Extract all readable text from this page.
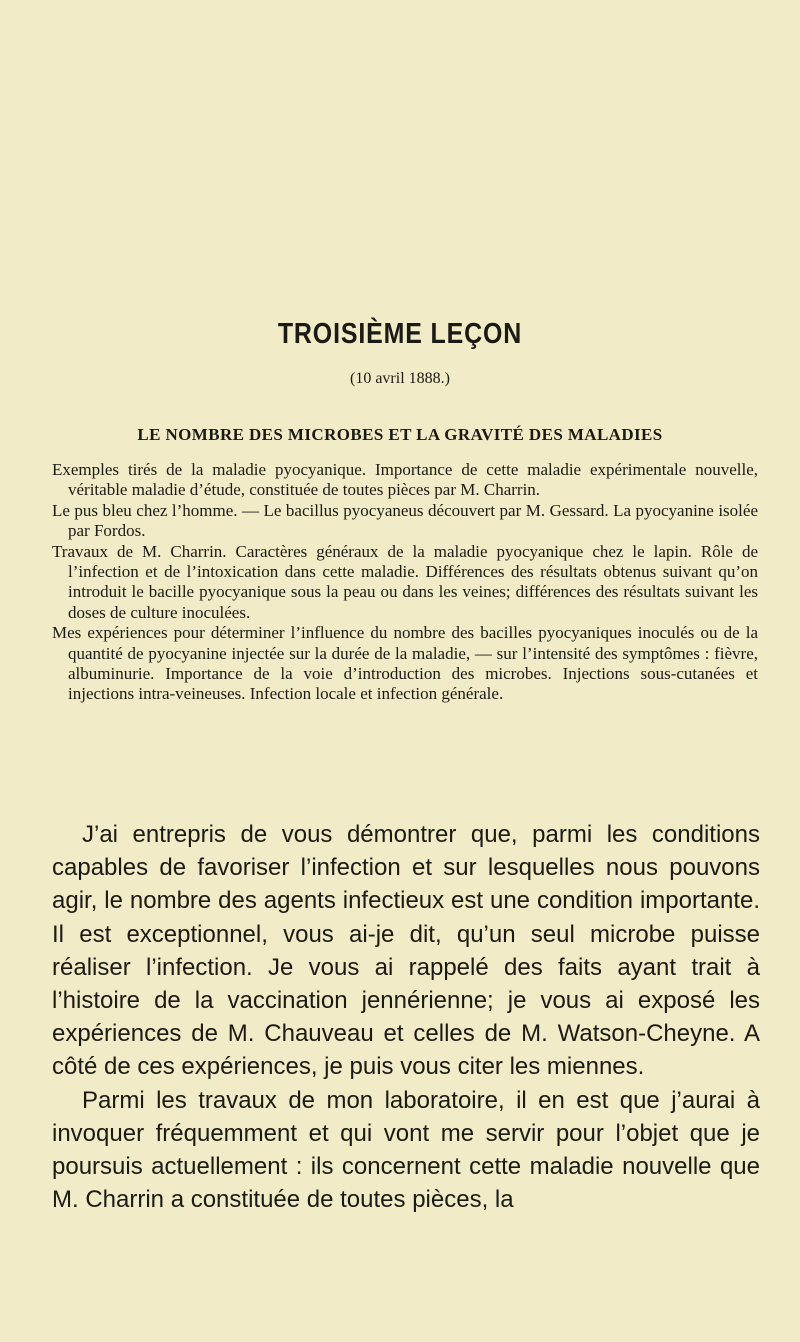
TROISIÈME LEÇON
(10 avril 1888.)
LE NOMBRE DES MICROBES ET LA GRAVITÉ DES MALADIES

Exemples tirés de la maladie pyocyanique. Importance de cette maladie expérimentale nouvelle, véritable maladie d’étude, constituée de toutes pièces par M. Charrin.

Le pus bleu chez l’homme. — Le bacillus pyocyaneus découvert par M. Gessard. La pyocyanine isolée par Fordos.

Travaux de M. Charrin. Caractères généraux de la maladie pyocyanique chez le lapin. Rôle de l’infection et de l’intoxication dans cette maladie. Différences des résultats obtenus suivant qu’on introduit le bacille pyocyanique sous la peau ou dans les veines; différences des résultats suivant les doses de culture inoculées.

Mes expériences pour déterminer l’influence du nombre des bacilles pyocyaniques inoculés ou de la quantité de pyocyanine injectée sur la durée de la maladie, — sur l’intensité des symptômes : fièvre, albuminurie. Importance de la voie d’introduction des microbes. Injections sous-cutanées et injections intra-veineuses. Infection locale et infection générale.

J’ai entrepris de vous démontrer que, parmi les conditions capables de favoriser l’infection et sur lesquelles nous pouvons agir, le nombre des agents infectieux est une condition importante. Il est exceptionnel, vous ai-je dit, qu’un seul microbe puisse réaliser l’infection. Je vous ai rappelé des faits ayant trait à l’histoire de la vaccination jennérienne; je vous ai exposé les expériences de M. Chauveau et celles de M. Watson-Cheyne. A côté de ces expériences, je puis vous citer les miennes.

Parmi les travaux de mon laboratoire, il en est que j’aurai à invoquer fréquemment et qui vont me servir pour l’objet que je poursuis actuellement : ils concernent cette maladie nouvelle que M. Charrin a constituée de toutes pièces, la
